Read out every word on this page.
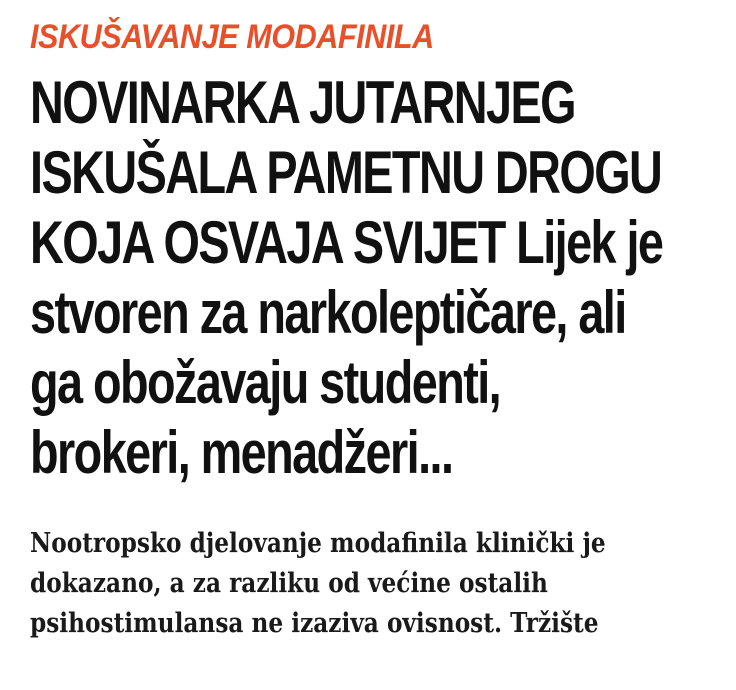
ISKUŠAVANJE MODAFINILA

NOVINARKA JUTARNJEG
ISKUŠALA PAMETNU DROGU
KOJA OSVAJA SVIJET Lijek je
stvoren za narkoleptičare, ali
ga obožavaju studenti,
brokeri, menadžeri...

Nootropsko djelovanje modafinila klinički je
dokazano, a za razliku od većine ostalih
psihostimulansa ne izaziva ovisnost. Tržište
